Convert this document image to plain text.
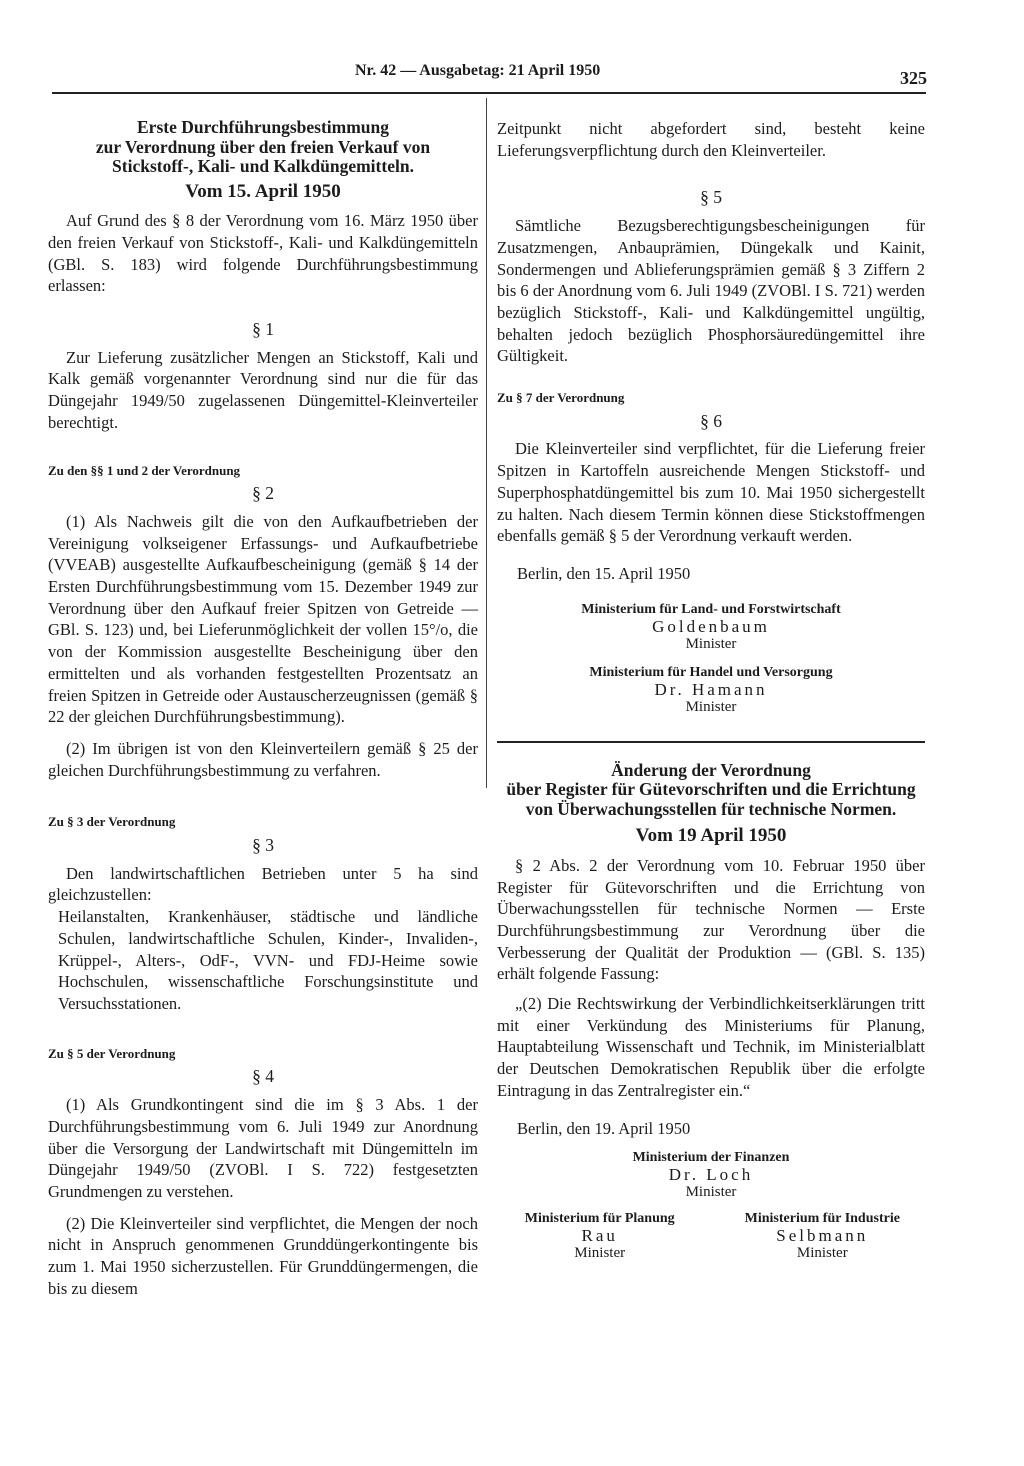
Nr. 42 — Ausgabetag: 21 April 1950	325
Erste Durchführungsbestimmung
zur Verordnung über den freien Verkauf von
Stickstoff-, Kali- und Kalkdüngemitteln.
Vom 15. April 1950

Auf Grund des § 8 der Verordnung vom 16. März 1950 über den freien Verkauf von Stickstoff-, Kali- und Kalkdüngemitteln (GBl. S. 183) wird folgende Durchführungsbestimmung erlassen:

§ 1

Zur Lieferung zusätzlicher Mengen an Stickstoff, Kali und Kalk gemäß vorgenannter Verordnung sind nur die für das Düngejahr 1949/50 zugelassenen Düngemittel-Kleinverteiler berechtigt.

Zu den §§ 1 und 2 der Verordnung
§ 2

(1) Als Nachweis gilt die von den Aufkaufbetrieben der Vereinigung volkseigener Erfassungs- und Aufkaufbetriebe (VVEAB) ausgestellte Aufkaufbescheinigung (gemäß § 14 der Ersten Durchführungsbestimmung vom 15. Dezember 1949 zur Verordnung über den Aufkauf freier Spitzen von Getreide — GBl. S. 123) und, bei Lieferunmöglichkeit der vollen 15°/o, die von der Kommission ausgestellte Bescheinigung über den ermittelten und als vorhanden festgestellten Prozentsatz an freien Spitzen in Getreide oder Austauscherzeugnissen (gemäß § 22 der gleichen Durchführungsbestimmung).

(2) Im übrigen ist von den Kleinverteilern gemäß § 25 der gleichen Durchführungsbestimmung zu verfahren.

Zu § 3 der Verordnung
§ 3

Den landwirtschaftlichen Betrieben unter 5 ha sind gleichzustellen:

Heilanstalten, Krankenhäuser, städtische und ländliche Schulen, landwirtschaftliche Schulen, Kinder-, Invaliden-, Krüppel-, Alters-, OdF-, VVN- und FDJ-Heime sowie Hochschulen, wissenschaftliche Forschungsinstitute und Versuchsstationen.

Zu § 5 der Verordnung
§ 4

(1) Als Grundkontingent sind die im § 3 Abs. 1 der Durchführungsbestimmung vom 6. Juli 1949 zur Anordnung über die Versorgung der Landwirtschaft mit Düngemitteln im Düngejahr 1949/50 (ZVOBl. I S. 722) festgesetzten Grundmengen zu verstehen.

(2) Die Kleinverteiler sind verpflichtet, die Mengen der noch nicht in Anspruch genommenen Grunddüngerkontingente bis zum 1. Mai 1950 sicherzustellen. Für Grunddüngermengen, die bis zu diesem

Zeitpunkt nicht abgefordert sind, besteht keine Lieferungsverpflichtung durch den Kleinverteiler.

§ 5

Sämtliche Bezugsberechtigungsbescheinigungen für Zusatzmengen, Anbauprämien, Düngekalk und Kainit, Sondermengen und Ablieferungsprämien gemäß § 3 Ziffern 2 bis 6 der Anordnung vom 6. Juli 1949 (ZVOBl. I S. 721) werden bezüglich Stickstoff-, Kali- und Kalkdüngemittel ungültig, behalten jedoch bezüglich Phosphorsäuredüngemittel ihre Gültigkeit.

Zu § 7 der Verordnung
§ 6

Die Kleinverteiler sind verpflichtet, für die Lieferung freier Spitzen in Kartoffeln ausreichende Mengen Stickstoff- und Superphosphatdüngemittel bis zum 10. Mai 1950 sichergestellt zu halten. Nach diesem Termin können diese Stickstoffmengen ebenfalls gemäß § 5 der Verordnung verkauft werden.

Berlin, den 15. April 1950

Ministerium für Land- und Forstwirtschaft
Goldenbaum
Minister
Ministerium für Handel und Versorgung
Dr. Hamann
Minister
Änderung der Verordnung
über Register für Gütevorschriften und die Errichtung von Überwachungsstellen für technische Normen.
Vom 19 April 1950

§ 2 Abs. 2 der Verordnung vom 10. Februar 1950 über Register für Gütevorschriften und die Errichtung von Überwachungsstellen für technische Normen — Erste Durchführungsbestimmung zur Verordnung über die Verbesserung der Qualität der Produktion — (GBl. S. 135) erhält folgende Fassung:

„(2) Die Rechtswirkung der Verbindlichkeitserklärungen tritt mit einer Verkündung des Ministeriums für Planung, Hauptabteilung Wissenschaft und Technik, im Ministerialblatt der Deutschen Demokratischen Republik über die erfolgte Eintragung in das Zentralregister ein.“

Berlin, den 19. April 1950

Ministerium der Finanzen
Dr. Loch
Minister
Ministerium für Planung
Rau
Minister
Ministerium für Industrie
Selbmann
Minister
